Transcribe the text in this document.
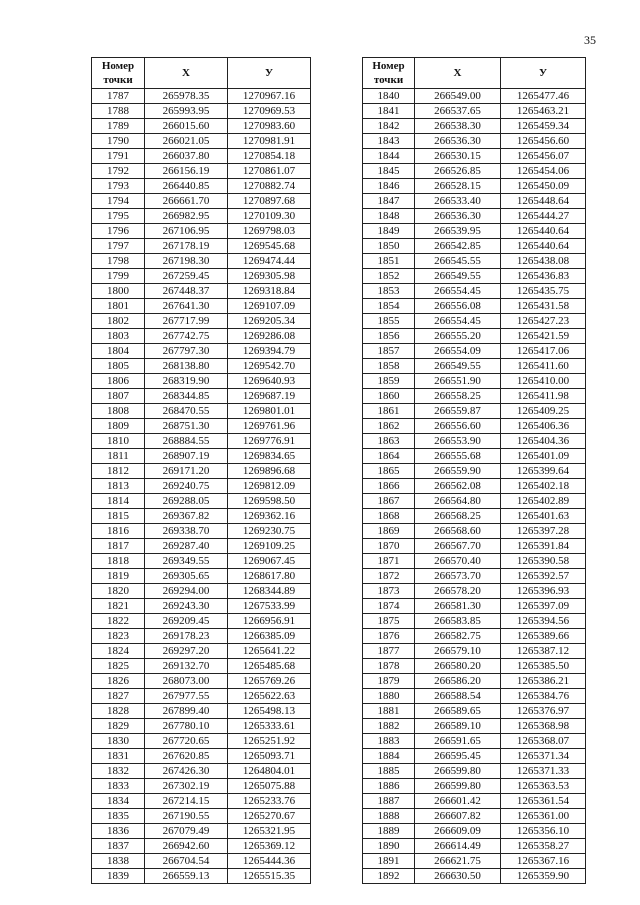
35
Номер
точки	X	У
1787	265978.35	1270967.16
1788	265993.95	1270969.53
1789	266015.60	1270983.60
1790	266021.05	1270981.91
1791	266037.80	1270854.18
1792	266156.19	1270861.07
1793	266440.85	1270882.74
1794	266661.70	1270897.68
1795	266982.95	1270109.30
1796	267106.95	1269798.03
1797	267178.19	1269545.68
1798	267198.30	1269474.44
1799	267259.45	1269305.98
1800	267448.37	1269318.84
1801	267641.30	1269107.09
1802	267717.99	1269205.34
1803	267742.75	1269286.08
1804	267797.30	1269394.79
1805	268138.80	1269542.70
1806	268319.90	1269640.93
1807	268344.85	1269687.19
1808	268470.55	1269801.01
1809	268751.30	1269761.96
1810	268884.55	1269776.91
1811	268907.19	1269834.65
1812	269171.20	1269896.68
1813	269240.75	1269812.09
1814	269288.05	1269598.50
1815	269367.82	1269362.16
1816	269338.70	1269230.75
1817	269287.40	1269109.25
1818	269349.55	1269067.45
1819	269305.65	1268617.80
1820	269294.00	1268344.89
1821	269243.30	1267533.99
1822	269209.45	1266956.91
1823	269178.23	1266385.09
1824	269297.20	1265641.22
1825	269132.70	1265485.68
1826	268073.00	1265769.26
1827	267977.55	1265622.63
1828	267899.40	1265498.13
1829	267780.10	1265333.61
1830	267720.65	1265251.92
1831	267620.85	1265093.71
1832	267426.30	1264804.01
1833	267302.19	1265075.88
1834	267214.15	1265233.76
1835	267190.55	1265270.67
1836	267079.49	1265321.95
1837	266942.60	1265369.12
1838	266704.54	1265444.36
1839	266559.13	1265515.35
Номер
точки	X	У
1840	266549.00	1265477.46
1841	266537.65	1265463.21
1842	266538.30	1265459.34
1843	266536.30	1265456.60
1844	266530.15	1265456.07
1845	266526.85	1265454.06
1846	266528.15	1265450.09
1847	266533.40	1265448.64
1848	266536.30	1265444.27
1849	266539.95	1265440.64
1850	266542.85	1265440.64
1851	266545.55	1265438.08
1852	266549.55	1265436.83
1853	266554.45	1265435.75
1854	266556.08	1265431.58
1855	266554.45	1265427.23
1856	266555.20	1265421.59
1857	266554.09	1265417.06
1858	266549.55	1265411.60
1859	266551.90	1265410.00
1860	266558.25	1265411.98
1861	266559.87	1265409.25
1862	266556.60	1265406.36
1863	266553.90	1265404.36
1864	266555.68	1265401.09
1865	266559.90	1265399.64
1866	266562.08	1265402.18
1867	266564.80	1265402.89
1868	266568.25	1265401.63
1869	266568.60	1265397.28
1870	266567.70	1265391.84
1871	266570.40	1265390.58
1872	266573.70	1265392.57
1873	266578.20	1265396.93
1874	266581.30	1265397.09
1875	266583.85	1265394.56
1876	266582.75	1265389.66
1877	266579.10	1265387.12
1878	266580.20	1265385.50
1879	266586.20	1265386.21
1880	266588.54	1265384.76
1881	266589.65	1265376.97
1882	266589.10	1265368.98
1883	266591.65	1265368.07
1884	266595.45	1265371.34
1885	266599.80	1265371.33
1886	266599.80	1265363.53
1887	266601.42	1265361.54
1888	266607.82	1265361.00
1889	266609.09	1265356.10
1890	266614.49	1265358.27
1891	266621.75	1265367.16
1892	266630.50	1265359.90
